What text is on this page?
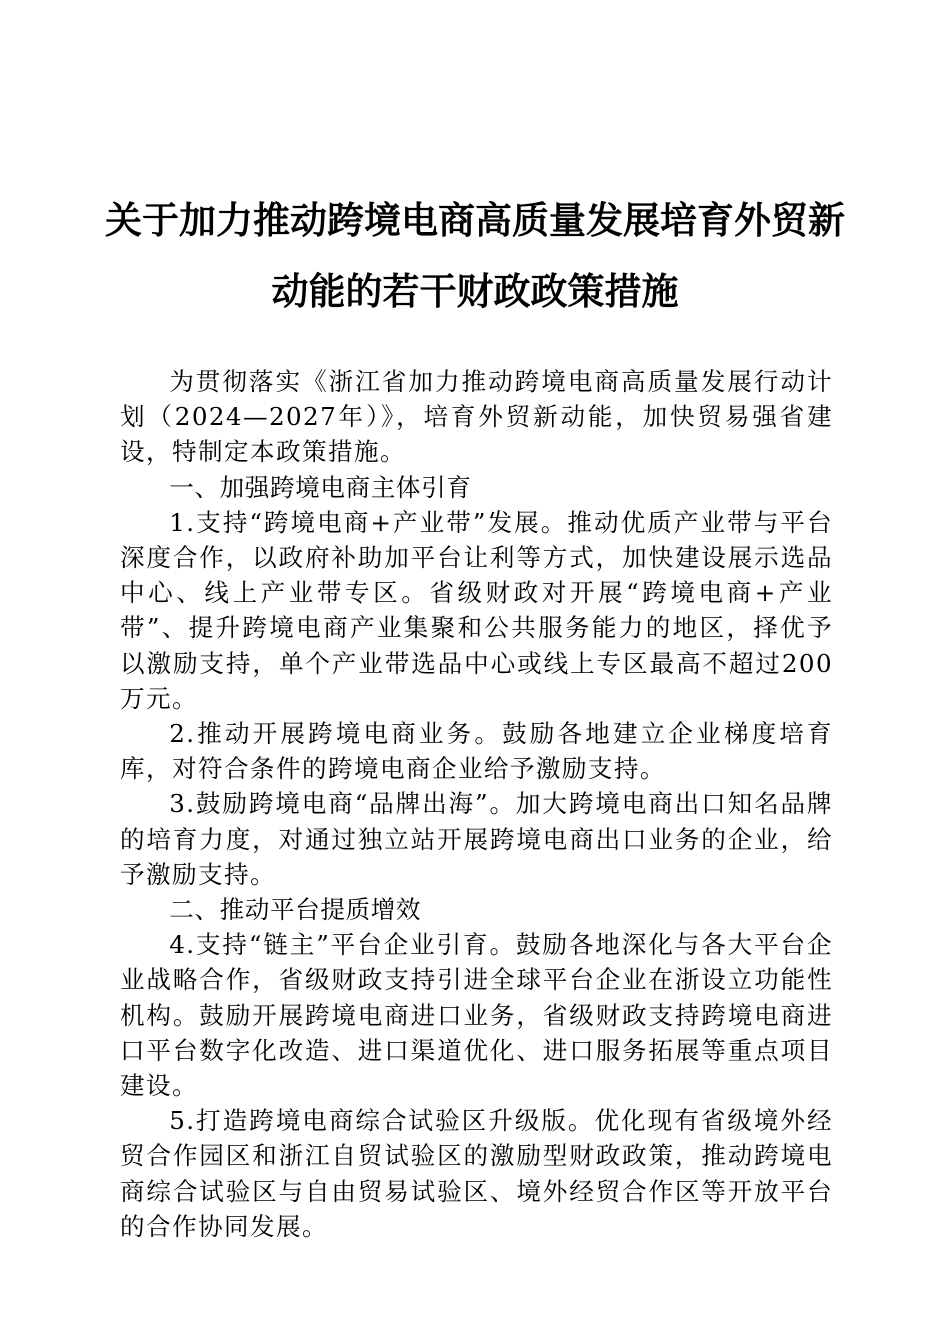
关于加力推动跨境电商高质量发展培育外贸新
动能的若干财政政策措施

为贯彻落实《浙江省加力推动跨境电商高质量发展行动计划（2024—2027年）》，培育外贸新动能，加快贸易强省建设，特制定本政策措施。

一、加强跨境电商主体引育

1.支持“跨境电商+产业带”发展。推动优质产业带与平台深度合作，以政府补助加平台让利等方式，加快建设展示选品中心、线上产业带专区。省级财政对开展“跨境电商+产业带”、提升跨境电商产业集聚和公共服务能力的地区，择优予以激励支持，单个产业带选品中心或线上专区最高不超过200万元。

2.推动开展跨境电商业务。鼓励各地建立企业梯度培育库，对符合条件的跨境电商企业给予激励支持。

3.鼓励跨境电商“品牌出海”。加大跨境电商出口知名品牌的培育力度，对通过独立站开展跨境电商出口业务的企业，给予激励支持。

二、推动平台提质增效

4.支持“链主”平台企业引育。鼓励各地深化与各大平台企业战略合作，省级财政支持引进全球平台企业在浙设立功能性机构。鼓励开展跨境电商进口业务，省级财政支持跨境电商进口平台数字化改造、进口渠道优化、进口服务拓展等重点项目建设。

5.打造跨境电商综合试验区升级版。优化现有省级境外经贸合作园区和浙江自贸试验区的激励型财政政策，推动跨境电商综合试验区与自由贸易试验区、境外经贸合作区等开放平台的合作协同发展。
